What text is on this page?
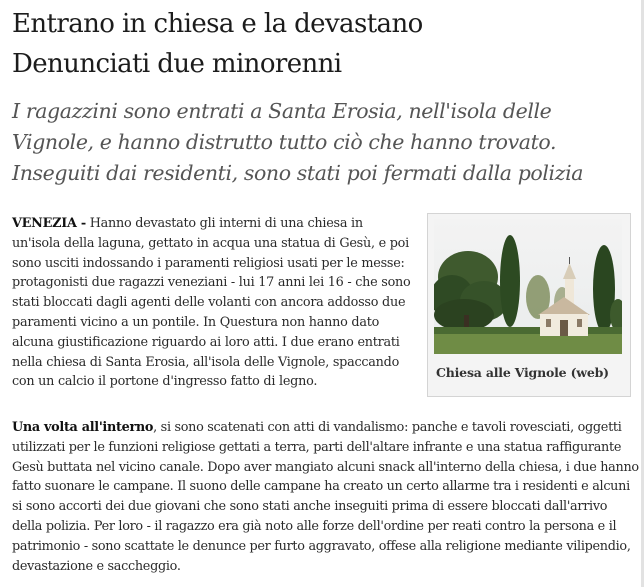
Entrano in chiesa e la devastano
Denunciati due minorenni
I ragazzini sono entrati a Santa Erosia, nell'isola delle
Vignole, e hanno distrutto tutto ciò che hanno trovato.
Inseguiti dai residenti, sono stati poi fermati dalla polizia
VENEZIA - Hanno devastato gli interni di una chiesa in
un'isola della laguna, gettato in acqua una statua di Gesù, e poi
sono usciti indossando i paramenti religiosi usati per le messe:
protagonisti due ragazzi veneziani - lui 17 anni lei 16 - che sono
stati bloccati dagli agenti delle volanti con ancora addosso due
paramenti vicino a un pontile. In Questura non hanno dato
alcuna giustificazione riguardo ai loro atti. I due erano entrati
nella chiesa di Santa Erosia, all'isola delle Vignole, spaccando
con un calcio il portone d'ingresso fatto di legno.
Chiesa alle Vignole (web)
Una volta all'interno, si sono scatenati con atti di vandalismo: panche e tavoli rovesciati, oggetti
utilizzati per le funzioni religiose gettati a terra, parti dell'altare infrante e una statua raffigurante
Gesù buttata nel vicino canale. Dopo aver mangiato alcuni snack all'interno della chiesa, i due hanno
fatto suonare le campane. Il suono delle campane ha creato un certo allarme tra i residenti e alcuni
si sono accorti dei due giovani che sono stati anche inseguiti prima di essere bloccati dall'arrivo
della polizia. Per loro - il ragazzo era già noto alle forze dell'ordine per reati contro la persona e il
patrimonio - sono scattate le denunce per furto aggravato, offese alla religione mediante vilipendio,
devastazione e saccheggio.
